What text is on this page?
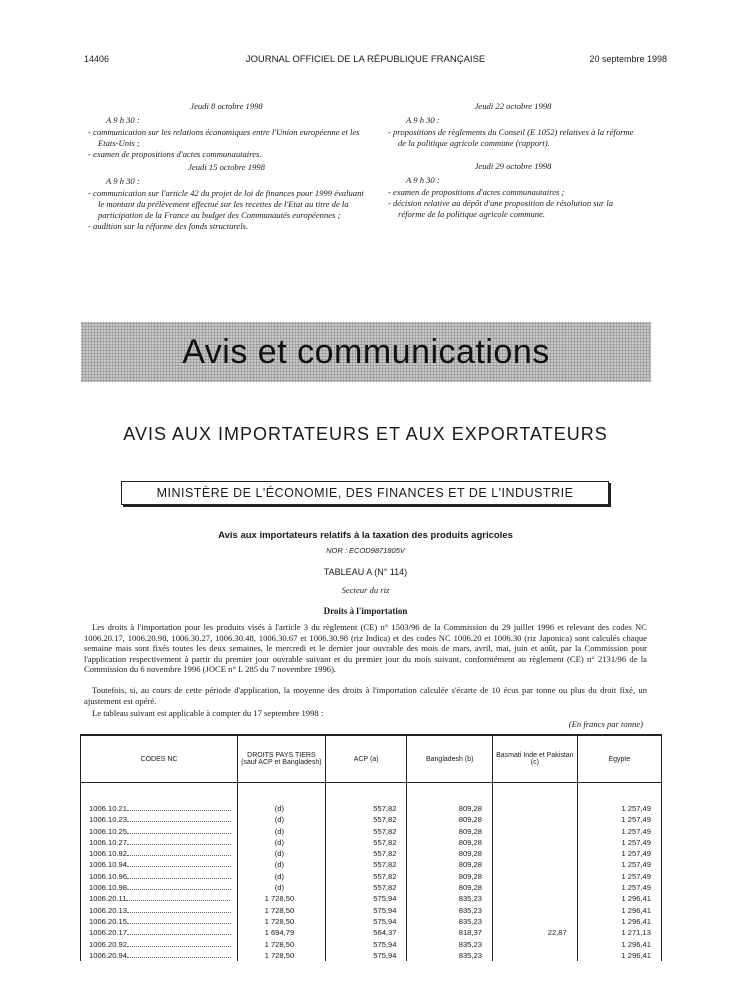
14406	JOURNAL OFFICIEL DE LA RÉPUBLIQUE FRANÇAISE	20 septembre 1998
Jeudi 8 octobre 1998
A 9 h 30 :
- communication sur les relations économiques entre l'Union européenne et les Etats-Unis ;
- examen de propositions d'actes communautaires.
Jeudi 15 octobre 1998
A 9 h 30 :
- communication sur l'article 42 du projet de loi de finances pour 1999 évaluant le montant du prélèvement effectué sur les recettes de l'Etat au titre de la participation de la France au budget des Communautés européennes ;
- audition sur la réforme des fonds structurels.
Jeudi 22 octobre 1998
A 9 h 30 :
- propositions de règlements du Conseil (E 1052) relatives à la réforme de la politique agricole commune (rapport).
Jeudi 29 octobre 1998
A 9 h 30 :
- examen de propositions d'actes communautaires ;
- décision relative au dépôt d'une proposition de résolution sur la réforme de la politique agricole commune.
Avis et communications
AVIS AUX IMPORTATEURS ET AUX EXPORTATEURS
MINISTÈRE DE L'ÉCONOMIE, DES FINANCES ET DE L'INDUSTRIE
Avis aux importateurs relatifs à la taxation des produits agricoles
NOR : ECOD9871805V
TABLEAU A (N° 114)
Secteur du riz
Droits à l'importation
Les droits à l'importation pour les produits visés à l'article 3 du règlement (CE) n° 1503/96 de la Commission du 29 juillet 1996 et relevant des codes NC 1006.20.17, 1006.20.98, 1006.30.27, 1006.30.48, 1006.30.67 et 1006.30.98 (riz Indica) et des codes NC 1006.20 et 1006.30 (riz Japonica) sont calculés chaque semaine mais sont fixés toutes les deux semaines, le mercredi et le dernier jour ouvrable des mois de mars, avril, mai, juin et août, par la Commission pour l'application respectivement à partir du premier jour ouvrable suivant et du premier jour du mois suivant, conformément au règlement (CE) n° 2131/96 de la Commission du 6 novembre 1996 (JOCE n° L 285 du 7 novembre 1996).
Toutefois, si, au cours de cette période d'application, la moyenne des droits à l'importation calculée s'écarte de 10 écus par tonne ou plus du droit fixé, un ajustement est opéré.
Le tableau suivant est applicable à compter du 17 septembre 1998 :
(En francs par tonne)
CODES NC	DROITS PAYS TIERS (sauf ACP et Bangladesh)	ACP (a)	Bangladesh (b)	Basmati Inde et Pakistan (c)	Egypte

1006.10.21	(d)	557,82	809,28		1 257,49
1006.10.23	(d)	557,82	809,28		1 257,49
1006.10.25	(d)	557,82	809,28		1 257,49
1006.10.27	(d)	557,82	809,28		1 257,49
1006.10.92	(d)	557,82	809,28		1 257,49
1006.10.94	(d)	557,82	809,28		1 257,49
1006.10.96	(d)	557,82	809,28		1 257,49
1006.10.98	(d)	557,82	809,28		1 257,49
1006.20.11	1 728,50	575,94	835,23		1 296,41
1006.20.13	1 728,50	575,94	835,23		1 296,41
1006.20.15	1 728,50	575,94	835,23		1 296,41
1006.20.17	1 694,79	564,37	818,37	22,87	1 271,13
1006.20.92	1 728,50	575,94	835,23		1 296,41
1006.20.94	1 728,50	575,94	835,23		1 296,41
